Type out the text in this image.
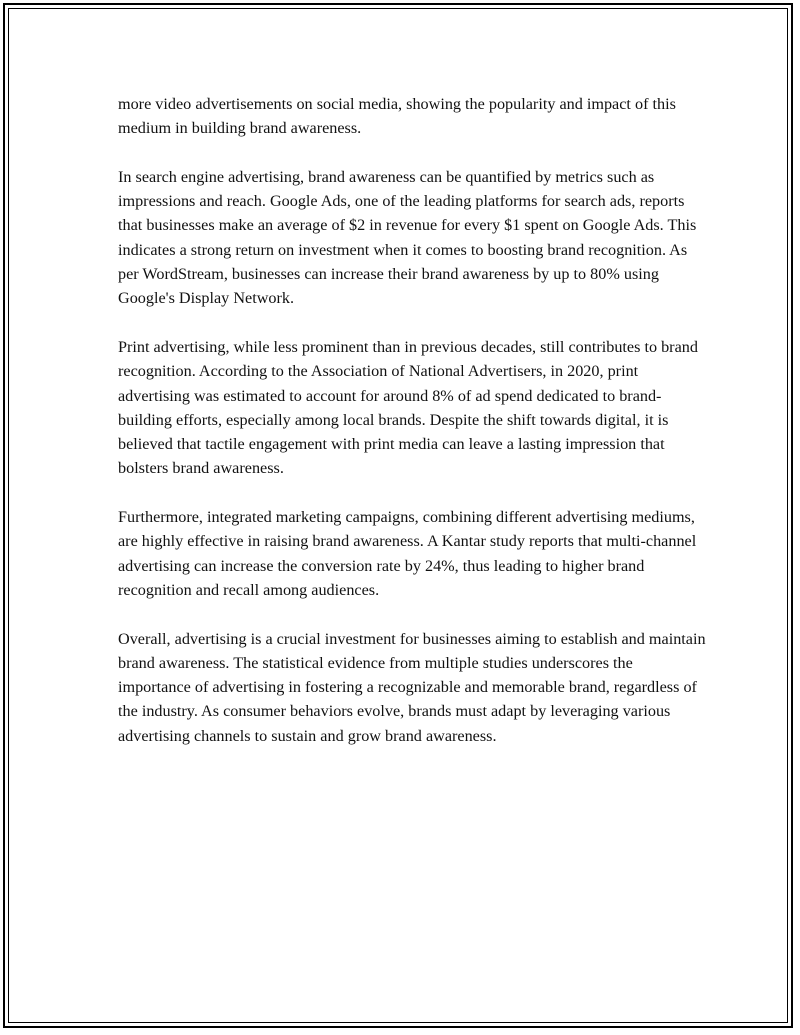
more video advertisements on social media, showing the popularity and impact of this medium in building brand awareness.

In search engine advertising, brand awareness can be quantified by metrics such as impressions and reach. Google Ads, one of the leading platforms for search ads, reports that businesses make an average of $2 in revenue for every $1 spent on Google Ads. This indicates a strong return on investment when it comes to boosting brand recognition. As per WordStream, businesses can increase their brand awareness by up to 80% using Google's Display Network.

Print advertising, while less prominent than in previous decades, still contributes to brand recognition. According to the Association of National Advertisers, in 2020, print advertising was estimated to account for around 8% of ad spend dedicated to brand-building efforts, especially among local brands. Despite the shift towards digital, it is believed that tactile engagement with print media can leave a lasting impression that bolsters brand awareness.

Furthermore, integrated marketing campaigns, combining different advertising mediums, are highly effective in raising brand awareness. A Kantar study reports that multi-channel advertising can increase the conversion rate by 24%, thus leading to higher brand recognition and recall among audiences.

Overall, advertising is a crucial investment for businesses aiming to establish and maintain brand awareness. The statistical evidence from multiple studies underscores the importance of advertising in fostering a recognizable and memorable brand, regardless of the industry. As consumer behaviors evolve, brands must adapt by leveraging various advertising channels to sustain and grow brand awareness.
